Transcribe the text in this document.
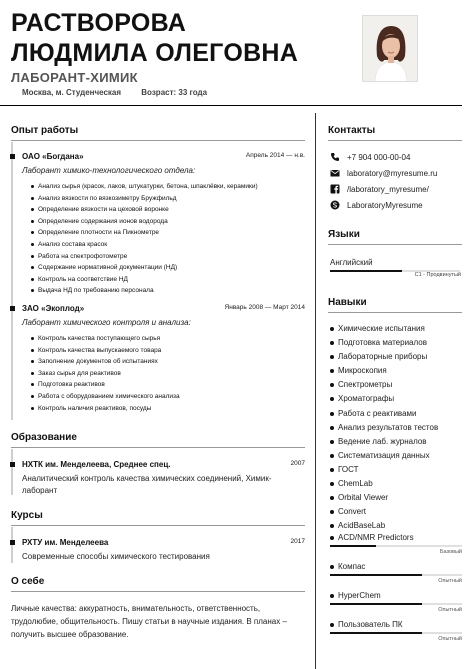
РАСТВОРОВА
ЛЮДМИЛА ОЛЕГОВНА
ЛАБОРАНТ-ХИМИК
Москва, м. Студенческая	Возраст: 33 года
Опыт работы
ОАО «Богдана»	Апрель 2014 — н.в.
Лаборант химико-технологического отдела:
Анализ сырья (красок, лаков, штукатурки, бетона, шпаклёвки, керамики)
Анализ вязкости по вязкозиметру Бружфильд
Определение вязкости на цеховой воронке
Определение содержания ионов водорода
Определение плотности на Пикнометре
Анализ состава красок
Работа на спектрофотометре
Содержание нормативной документации (НД)
Контроль на соответствие НД
Выдача НД по требованию персонала
ЗАО «Экоплод»	Январь 2008 — Март 2014
Лаборант химического контроля и анализа:
Контроль качества поступающего сырья
Контроль качества выпускаемого товара
Заполнение документов об испытаниях
Заказ сырья для реактивов
Подготовка реактивов
Работа с оборудованием химического анализа
Контроль наличия реактивов, посуды
Образование
НХТК им. Менделеева, Среднее спец.	2007
Аналитический контроль качества химических соединений, Химик-лаборант
Курсы
РХТУ им. Менделеева	2017
Современные способы химического тестирования
О себе
Личные качества: аккуратность, внимательность, ответственность, трудолюбие, общительность. Пишу статьи в научные издания. В планах – получить высшее образование.
Контакты
+7 904 000-00-04
laboratory@myresume.ru
/laboratory_myresume/
LaboratoryMyresume
Языки
Английский
C1 - Продвинутый
Навыки
Химические испытания
Подготовка материалов
Лабораторные приборы
Микроскопия
Спектрометры
Хроматографы
Работа с реактивами
Анализ результатов тестов
Ведение лаб. журналов
Систематизация данных
ГОСТ
ChemLab
Orbital Viewer
Convert
AcidBaseLab
ACD/NMR Predictors
Базовый
Компас
Опытный
HyperChem
Опытный
Пользователь ПК
Опытный
